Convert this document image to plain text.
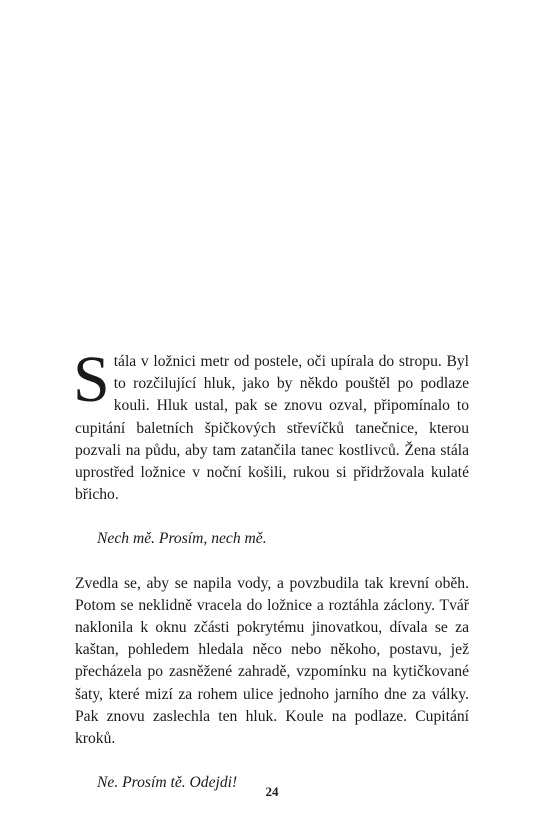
Stála v ložnici metr od postele, oči upírala do stropu. Byl to rozčilující hluk, jako by někdo pouštěl po podlaze kouli. Hluk ustal, pak se znovu ozval, připomínalo to cupitání baletních špičkových střevíčků tanečnice, kterou pozvali na půdu, aby tam zatančila tanec kostlivců. Žena stála uprostřed ložnice v noční košili, rukou si přidržovala kulaté břicho.

Nech mě. Prosím, nech mě.

Zvedla se, aby se napila vody, a povzbudila tak krevní oběh. Potom se neklidně vracela do ložnice a roztáhla záclony. Tvář naklonila k oknu zčásti pokrytému jinovatkou, dívala se za kaštan, pohledem hledala něco nebo někoho, postavu, jež přecházela po zasněžené zahradě, vzpomínku na kytičkované šaty, které mizí za rohem ulice jednoho jarního dne za války. Pak znovu zaslechla ten hluk. Koule na podlaze. Cupitání kroků.

Ne. Prosím tě. Odejdi!

24
